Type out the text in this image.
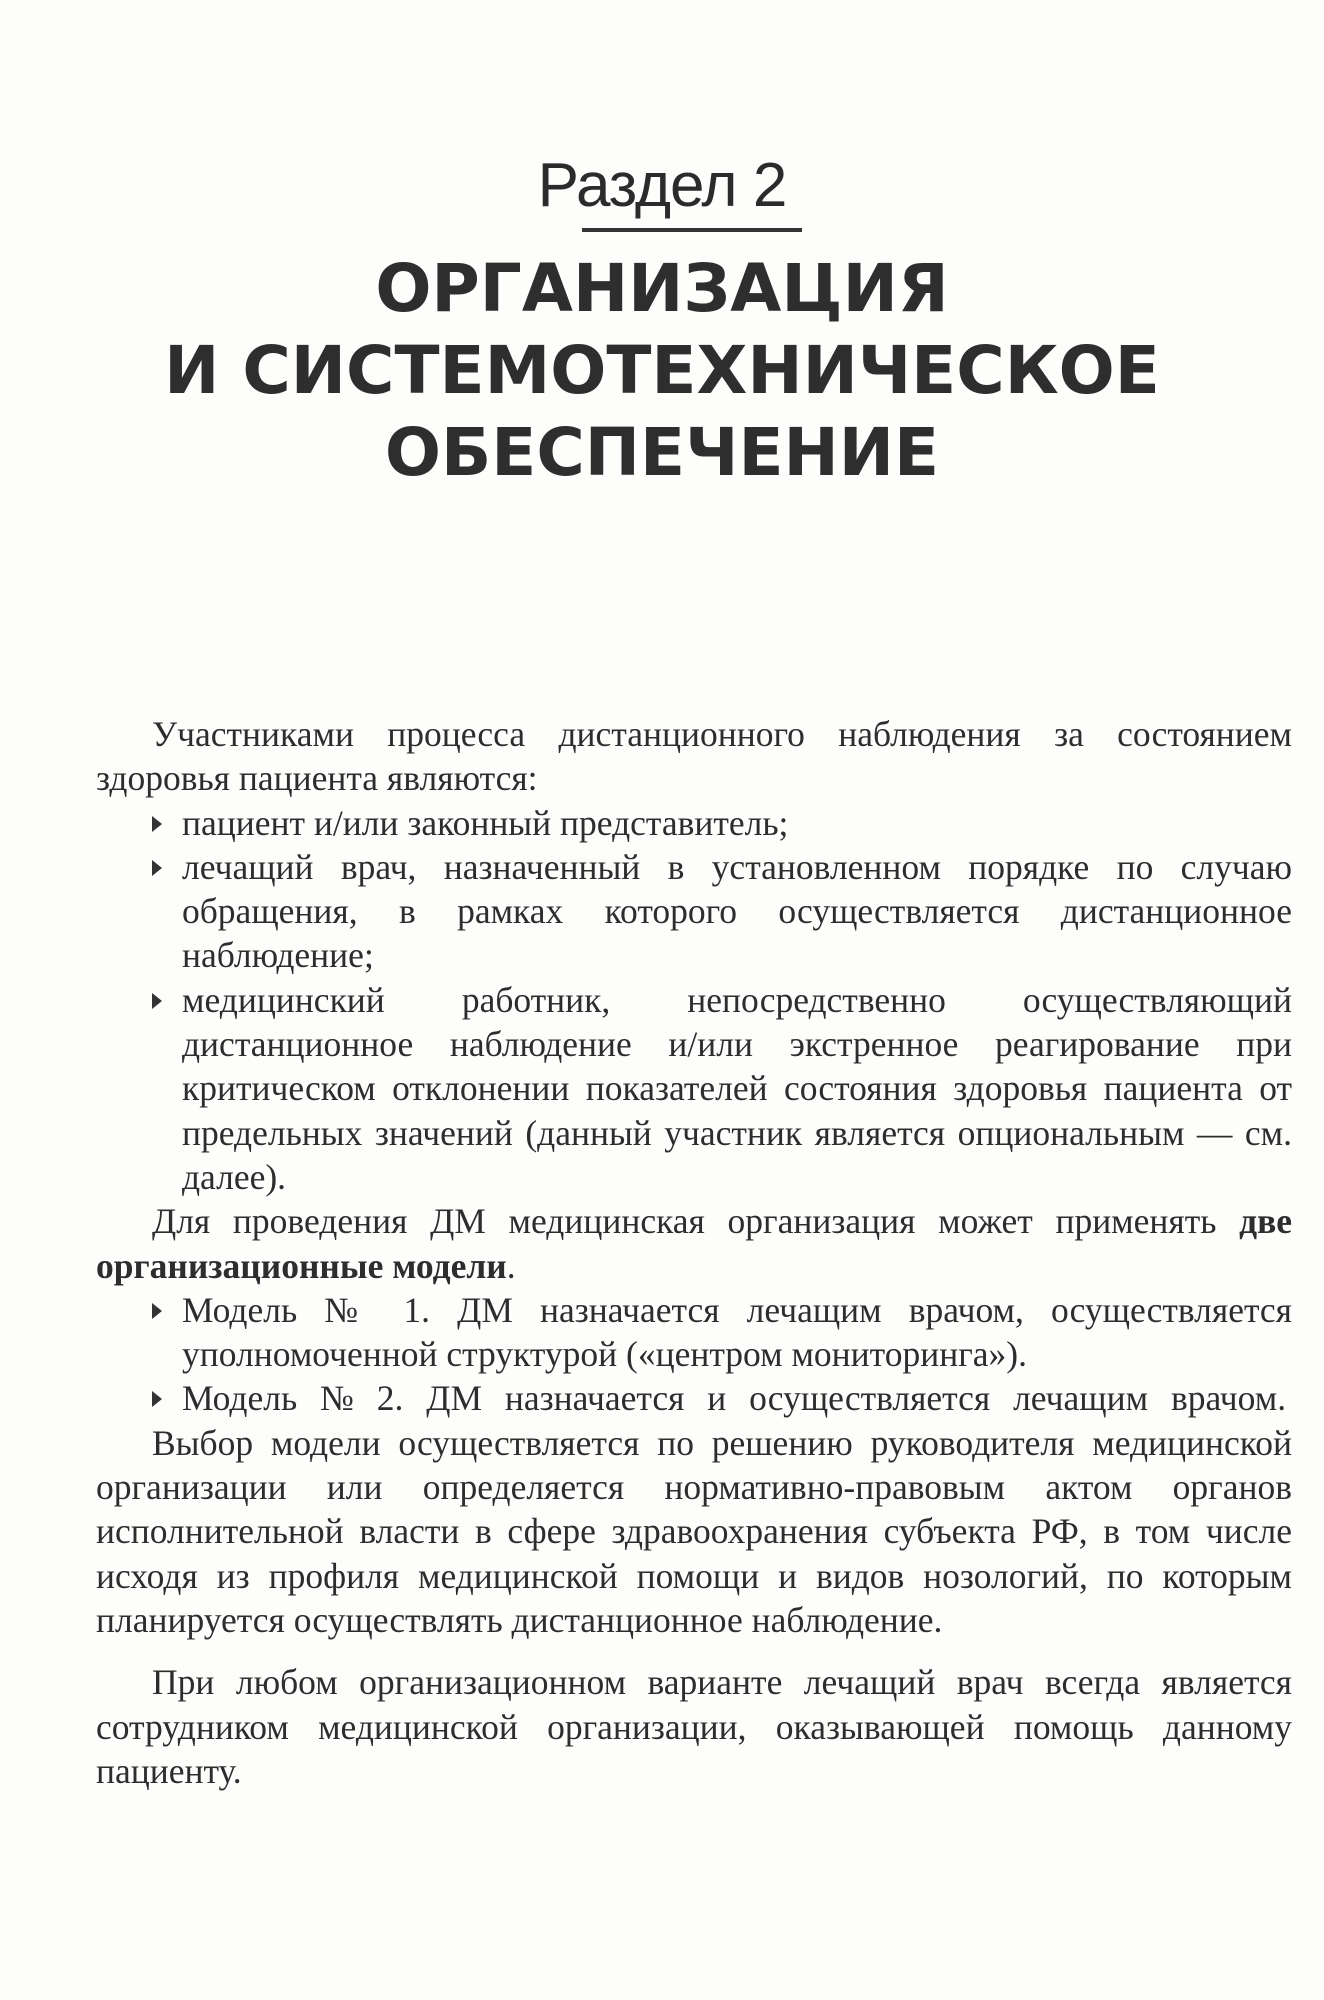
Раздел 2
ОРГАНИЗАЦИЯ
И СИСТЕМОТЕХНИЧЕСКОЕ
ОБЕСПЕЧЕНИЕ

Участниками процесса дистанционного наблюдения за состоянием здоровья пациента являются:

пациент и/или законный представитель;
лечащий врач, назначенный в установленном порядке по случаю обращения, в рамках которого осуществляется дистанционное наблюдение;
медицинский работник, непосредственно осуществляющий дистанционное наблюдение и/или экстренное реагирование при критическом отклонении показателей состояния здоровья пациента от предельных значений (данный участник является опциональным — см. далее).

Для проведения ДМ медицинская организация может применять две организационные модели.

Модель № 1. ДМ назначается лечащим врачом, осуществляется уполномоченной структурой («центром мониторинга»).
Модель № 2. ДМ назначается и осуществляется лечащим врачом.

Выбор модели осуществляется по решению руководителя медицинской организации или определяется нормативно-правовым актом органов исполнительной власти в сфере здравоохранения субъекта РФ, в том числе исходя из профиля медицинской помощи и видов нозологий, по которым планируется осуществлять дистанционное наблюдение.

При любом организационном варианте лечащий врач всегда является сотрудником медицинской организации, оказывающей помощь данному пациенту.
